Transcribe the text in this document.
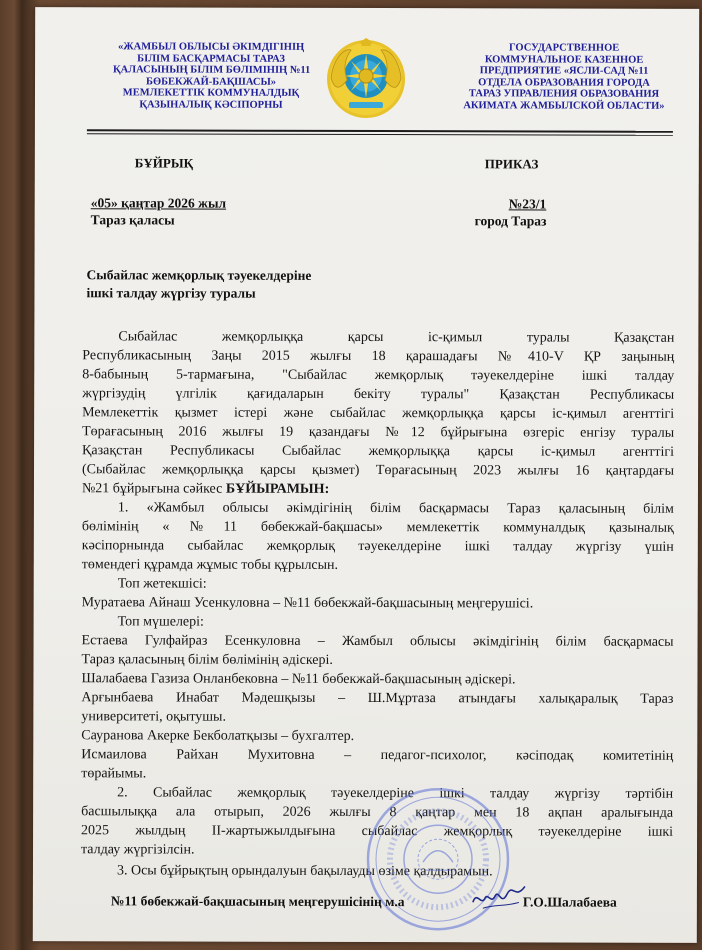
«ЖАМБЫЛ ОБЛЫСЫ ӘКІМДІГІНІҢ
БІЛІМ БАСҚАРМАСЫ ТАРАЗ
ҚАЛАСЫНЫҢ БІЛІМ БӨЛІМІНІҢ №11
БӨБЕКЖАЙ-БАҚШАСЫ»
МЕМЛЕКЕТТІК КОММУНАЛДЫҚ
ҚАЗЫНАЛЫҚ КӘСІПОРНЫ
ГОСУДАРСТВЕННОЕ
КОММУНАЛЬНОЕ КАЗЕННОЕ
ПРЕДПРИЯТИЕ «ЯСЛИ-САД №11
ОТДЕЛА ОБРАЗОВАНИЯ ГОРОДА
ТАРАЗ УПРАВЛЕНИЯ ОБРАЗОВАНИЯ
АКИМАТА ЖАМБЫЛСКОЙ ОБЛАСТИ»
БҰЙРЫҚ	ПРИКАЗ
«05» қаңтар 2026 жыл	№23/1
Тараз қаласы	город Тараз
Сыбайлас жемқорлық тәуекелдеріне
ішкі талдау жүргізу туралы
Сыбайлас жемқорлыққа қарсы іс-қимыл туралы Қазақстан
Республикасының Заңы 2015 жылғы 18 қарашадағы №410-V ҚР заңының
8-бабының 5-тармағына, "Сыбайлас жемқорлық тәуекелдеріне ішкі талдау
жүргізудің үлгілік қағидаларын бекіту туралы" Қазақстан Республикасы
Мемлекеттік қызмет істері және сыбайлас жемқорлыққа қарсы іс-қимыл агенттігі
Төрағасының 2016 жылғы 19 қазандағы №12 бұйрығына өзгеріс енгізу туралы
Қазақстан Республикасы Сыбайлас жемқорлыққа қарсы іс-қимыл агенттігі
(Сыбайлас жемқорлыққа қарсы қызмет) Төрағасының 2023 жылғы 16 қаңтардағы
№21 бұйрығына сәйкес БҰЙЫРАМЫН:
1. «Жамбыл облысы әкімдігінің білім басқармасы Тараз қаласының білім
бөлімінің «№11 бөбекжай-бақшасы» мемлекеттік коммуналдық қазыналық
кәсіпорнында сыбайлас жемқорлық тәуекелдеріне ішкі талдау жүргізу үшін
төмендегі құрамда жұмыс тобы құрылсын.
Топ жетекшісі:
Муратаева Айнаш Усенкуловна – №11 бөбекжай-бақшасының меңгерушісі.
Топ мүшелері:
Естаева Гулфайраз Есенкуловна – Жамбыл облысы әкімдігінің білім басқармасы
Тараз қаласының білім бөлімінің әдіскері.
Шалабаева Газиза Онланбековна – №11 бөбекжай-бақшасының әдіскері.
Арғынбаева Инабат Мәдешқызы – Ш.Мұртаза атындағы халықаралық Тараз
университеті, оқытушы.
Сауранова Акерке Бекболатқызы – бухгалтер.
Исмаилова Райхан Мухитовна – педагог-психолог, кәсіподақ комитетінің
төрайымы.
2. Сыбайлас жемқорлық тәуекелдеріне ішкі талдау жүргізу тәртібін
басшылыққа ала отырып, 2026 жылғы 8 қаңтар мен 18 ақпан аралығында
2025 жылдың ІІ-жартыжылдығына сыбайлас жемқорлық тәуекелдеріне ішкі
талдау жүргізілсін.
3. Осы бұйрықтың орындалуын бақылауды өзіме қалдырамын.
№11 бөбекжай-бақшасының меңгерушісінің м.а	Г.О.Шалабаева
